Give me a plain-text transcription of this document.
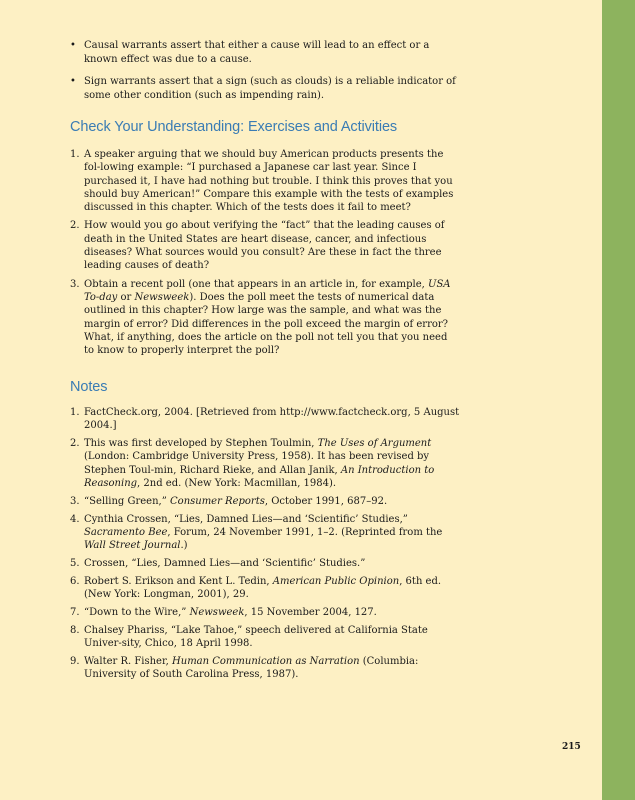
• Causal warrants assert that either a cause will lead to an effect or a known effect was due to a cause.
• Sign warrants assert that a sign (such as clouds) is a reliable indicator of some other condition (such as impending rain).
Check Your Understanding: Exercises and Activities
1. A speaker arguing that we should buy American products presents the fol-lowing example: “I purchased a Japanese car last year. Since I purchased it, I have had nothing but trouble. I think this proves that you should buy American!” Compare this example with the tests of examples discussed in this chapter. Which of the tests does it fail to meet?
2. How would you go about verifying the “fact” that the leading causes of death in the United States are heart disease, cancer, and infectious diseases? What sources would you consult? Are these in fact the three leading causes of death?
3. Obtain a recent poll (one that appears in an article in, for example, USA To-day or Newsweek). Does the poll meet the tests of numerical data outlined in this chapter? How large was the sample, and what was the margin of error? Did differences in the poll exceed the margin of error? What, if anything, does the article on the poll not tell you that you need to know to properly interpret the poll?
Notes
1. FactCheck.org, 2004. [Retrieved from http://www.factcheck.org, 5 August 2004.]
2. This was first developed by Stephen Toulmin, The Uses of Argument (London: Cambridge University Press, 1958). It has been revised by Stephen Toul-min, Richard Rieke, and Allan Janik, An Introduction to Reasoning, 2nd ed. (New York: Macmillan, 1984).
3. “Selling Green,” Consumer Reports, October 1991, 687–92.
4. Cynthia Crossen, “Lies, Damned Lies—and ‘Scientific’ Studies,” Sacramento Bee, Forum, 24 November 1991, 1–2. (Reprinted from the Wall Street Journal.)
5. Crossen, “Lies, Damned Lies—and ‘Scientific’ Studies.”
6. Robert S. Erikson and Kent L. Tedin, American Public Opinion, 6th ed. (New York: Longman, 2001), 29.
7. “Down to the Wire,” Newsweek, 15 November 2004, 127.
8. Chalsey Phariss, “Lake Tahoe,” speech delivered at California State Univer-sity, Chico, 18 April 1998.
9. Walter R. Fisher, Human Communication as Narration (Columbia: University of South Carolina Press, 1987).
215
